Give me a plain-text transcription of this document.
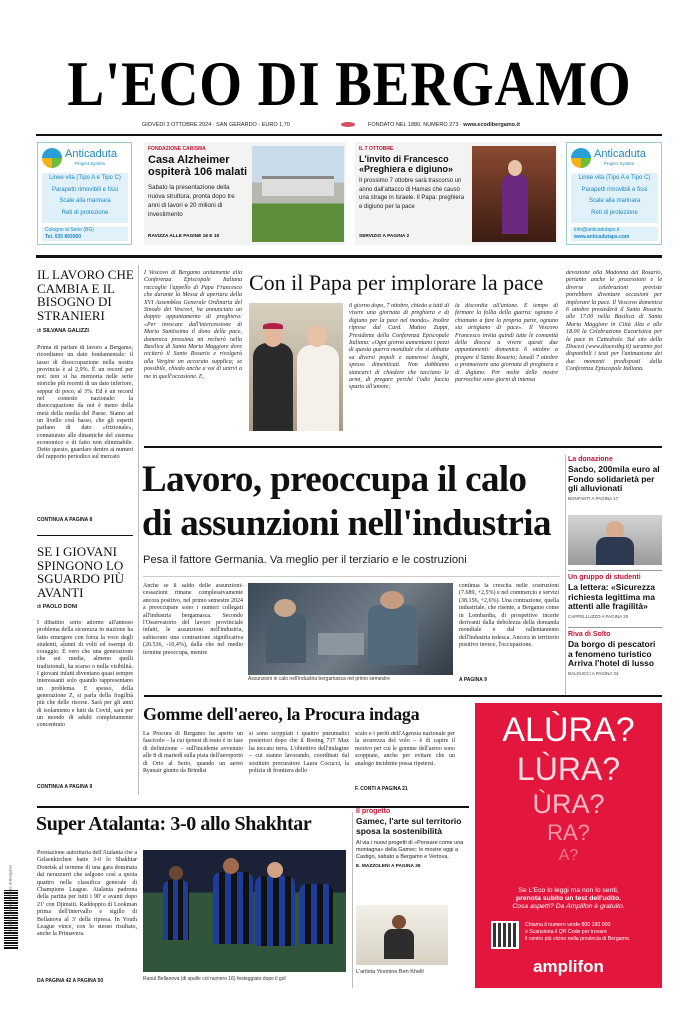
L'ECO DI BERGAMO
GIOVEDÌ 3 OTTOBRE 2024 · SAN GERARDO · EURO 1,70	FONDATO NEL 1880. NUMERO 273 · www.ecodibergamo.it
Anticaduta
Project System
Linee vita (Tipo A e Tipo C)
Parapetti rimovibili e fissi
Scale alla marinara
Reti di protezione
Cologno al Serio (BG)
Tel. 035 893950
FONDAZIONE CARISMA
Casa Alzheimer ospiterà 106 malati
Sabato la presentazione della nuova struttura, pronta dopo tre anni di lavori e 20 milioni di investimento
RAVIZZA ALLE PAGINE 18 E 19
IL 7 OTTOBRE
L'invito di Francesco «Preghiera e digiuno»
Il prossimo 7 ottobre sarà trascorso un anno dall'attacco di Hamas che causò una strage in Israele. Il Papa: preghiera e digiuno per la pace
SERVIZIO A PAGINA 2
Anticaduta
Project System
Linee vita (Tipo A e Tipo C)
Parapetti rimovibili e fissi
Scale alla marinara
Reti di protezione
info@anticadutaps.it
www.anticadutaps.com
IL LAVORO CHE CAMBIA E IL BISOGNO DI STRANIERI
di SILVANA GALIZZI
Prima di parlare di lavoro a Bergamo, ricordiamo un dato fondamentale: il tasso di disoccupazione nella nostra provincia è al 2,9%. È un record per noi: non si ha memoria nelle serie storiche più recenti di un dato inferiore, seppur di poco, al 3%. Ed è un record nel contesto nazionale: la disoccupazione da noi è meno della metà della media del Paese. Siamo ad un livello così basso, che gli esperti parlano di dato «frizionale», connaturato alle dinamiche del sistema economico e di fatto non eliminabile. Detto questo, guardare dentro ai numeri del rapporto periodico sul mercato
CONTINUA A PAGINA 8
SE I GIOVANI SPINGONO LO SGUARDO PIÙ AVANTI
di PAOLO DONI
I dibattito sorto attorno all'annoso problema della sicurezza in stazione ha fatto emergere con forza la voce degli studenti, alunni di volti ed esempi di coraggio. È vero che una generazione che sui media, almeno quelli tradizionali, ha scarso o nulla visibilità. I giovani infatti diventano quasi sempre interessanti solo quando rappresentano un problema. E spesso, della generazione Z, si parla della fragilità più che delle risorse. Sarà per gli anni di isolamento e lutti da Covid, sarà per un mondo di adulti completamente concentrato
CONTINUA A PAGINA 9
Con il Papa per implorare la pace
I Vescovo di Bergamo unitamente alla Conferenza Episcopale Italiana raccoglie l'appello di Papa Francesco che durante la Messa di apertura della XVI Assemblea Generale Ordinaria del Sinodo dei Vescovi, ha annunciato un doppio appuntamento di preghiera: «Per invocare dall'intercessione di Maria Santissima il dono della pace, domenica prossima mi recherò nella Basilica di Santa Maria Maggiore dove reciterò il Santo Rosario e rivolgerò alla Vergine un accorato supplica; se possibile, chiedo anche a voi di unirvi a me in quell'occasione. E,
il giorno dopo, 7 ottobre, chiedo a tutti di vivere una giornata di preghiera e di digiuno per la pace nel mondo». Inoltre riprese dal Card. Matteo Zuppi, Presidente della Conferenza Episcopale Italiana: «Ogni giorno aumentano i pezzi di questa guerra mondiale che si abbatte su diversi popoli e numerosi luoghi, spesso dimenticati. Non dobbiamo stancarci di chiedere che tacciano le armi, di pregare perché l'odio faccia spazio all'amore,
la discordia all'unione. È tempo di fermare la follia della guerra: ognuno è chiamato a fare la propria parte, ognuno sia artigiano di pace». Il Vescovo Francesco invita quindi tutte le comunità della diocesi a vivere questi due appuntamenti: domenica 6 ottobre a pregare il Santo Rosario; lunedì 7 ottobre a promuovere una giornata di preghiera e di digiuno. Per molte delle nostre parrocchie sono giorni di intensa
devozione alla Madonna del Rosario, pertanto anche le processioni e le diverse celebrazioni previste potrebbero diventare occasioni per implorare la pace. Il Vescovo domenica 6 ottobre presiederà il Santo Rosario alle 17.00 nella Basilica di Santa Maria Maggiore in Città Alta e alle 18.00 la Celebrazione Eucaristica per la pace in Cattedrale. Sul sito della Diocesi (www.diocesibg.it) saranno poi disponibili i testi per l'animazione dei due momenti predisposti dalla Conferenza Episcopale Italiana.
Lavoro, preoccupa il calo
di assunzioni nell'industria
Pesa il fattore Germania. Va meglio per il terziario e le costruzioni
Anche se il saldo delle assunzioni-cessazioni rimane complessivamente ancora positivo, nel primo semestre 2024 a preoccupare sono i numeri collegati all'industria bergamasca. Secondo l'Osservatorio del lavoro provinciale infatti, le assunzioni nell'industria, subiscono una contrazione significativa (20.536, -10,4%), dalla che nel medio termine preoccupa, mentre
Assunzioni in calo nell'industria bergamasca nel primo semestre
continua la crescita nelle costruzioni (7.689, +2,5%) e nel commercio e servizi (38.156, +2,6%). Una contrazione, quella industriale, che risente, a Bergamo come in Lombardia, di prospettive incerte derivanti dalla debolezza della domanda mondiale e dal rallentamento dell'industria tedesca. Ancora in territorio positivo invece, l'occupazione.
A PAGINA 9
La donazione
Sacbo, 200mila euro al Fondo solidarietà per gli alluvionati
BONFANTI A PAGINA 17
Un gruppo di studenti
La lettera: «Sicurezza richiesta legittima ma attenti alle fragilità»
CAPPELLUZZO A PAGINA 20
Riva di Solto
Da borgo di pescatori a fenomeno turistico Arriva l'hotel di lusso
BALDUCCI A PAGINA 34
Gomme dell'aereo, la Procura indaga
La Procura di Bergamo ha aperto un fascicolo – la cui ipotesi di reato è in fase di definizione – sull'incidente avvenuto alle 8 di martedì sulla pista dell'aeroporto di Orio al Serio, quando un aereo Ryanair giunto da Brindisi
si sono scoppiati i quattro pneumatici posteriori dopo che il Boeing 737 Max ha toccato terra. L'obiettivo dell'indagine – cui stanno lavorando, coordinati dal sostituto procuratore Laura Cocucci, la polizia di frontiera dello
scalo e i periti dell'Agenzia nazionale per la sicurezza del volo – è di capire il motivo per cui le gomme dell'aereo sono scoppiate, anche per evitare che un analogo incidente possa ripetersi.
F. CONTI A PAGINA 21
ALÙRA?
LÙRA?
ÙRA?
RA?
A?
Se L'Eco lo leggi ma non lo senti,
prenota subito un test dell'udito.
Cosa aspetti? Da Amplifon è gratuito.
Chiama il numero verde 800 180 000
o Scansiona il QR Code per trovare
il centro più vicino nella provincia di Bergamo.
amplifon
Super Atalanta: 3-0 allo Shakhtar
Prestazione autoritaria dell'Atalanta che a Gelsenkirchen batte 3-0 lo Shakhtar Donetsk al termine di una gara dominata dai nerazzurri che salgono così a quota quattro nella classifica generale di Champions League. Atalanta padrona della partita per tutti i 90' e avanti dopo 21' con Djimsiti. Raddoppio di Lookman prima dell'intervallo e sigillo di Bellanova al 3' della ripresa. In Youth League vince, con lo stesso risultato, anche la Primavera.
DA PAGINA 42 A PAGINA 50	Raoul Bellanova (di spalle col numero 16) festeggiato dopo il gol
Il progetto
Gamec, l'arte sul territorio sposa la sostenibilità
Al via i nuovi progetti di «Pensare come una montagna» della Gamec: le mostre oggi a Castigo, sabato a Bergamo e Vertova.
E. MAZZOLENI A PAGINA 39
L'artista Yesmine Ben Khelil
Quotidiano della provincia di Bergamo
